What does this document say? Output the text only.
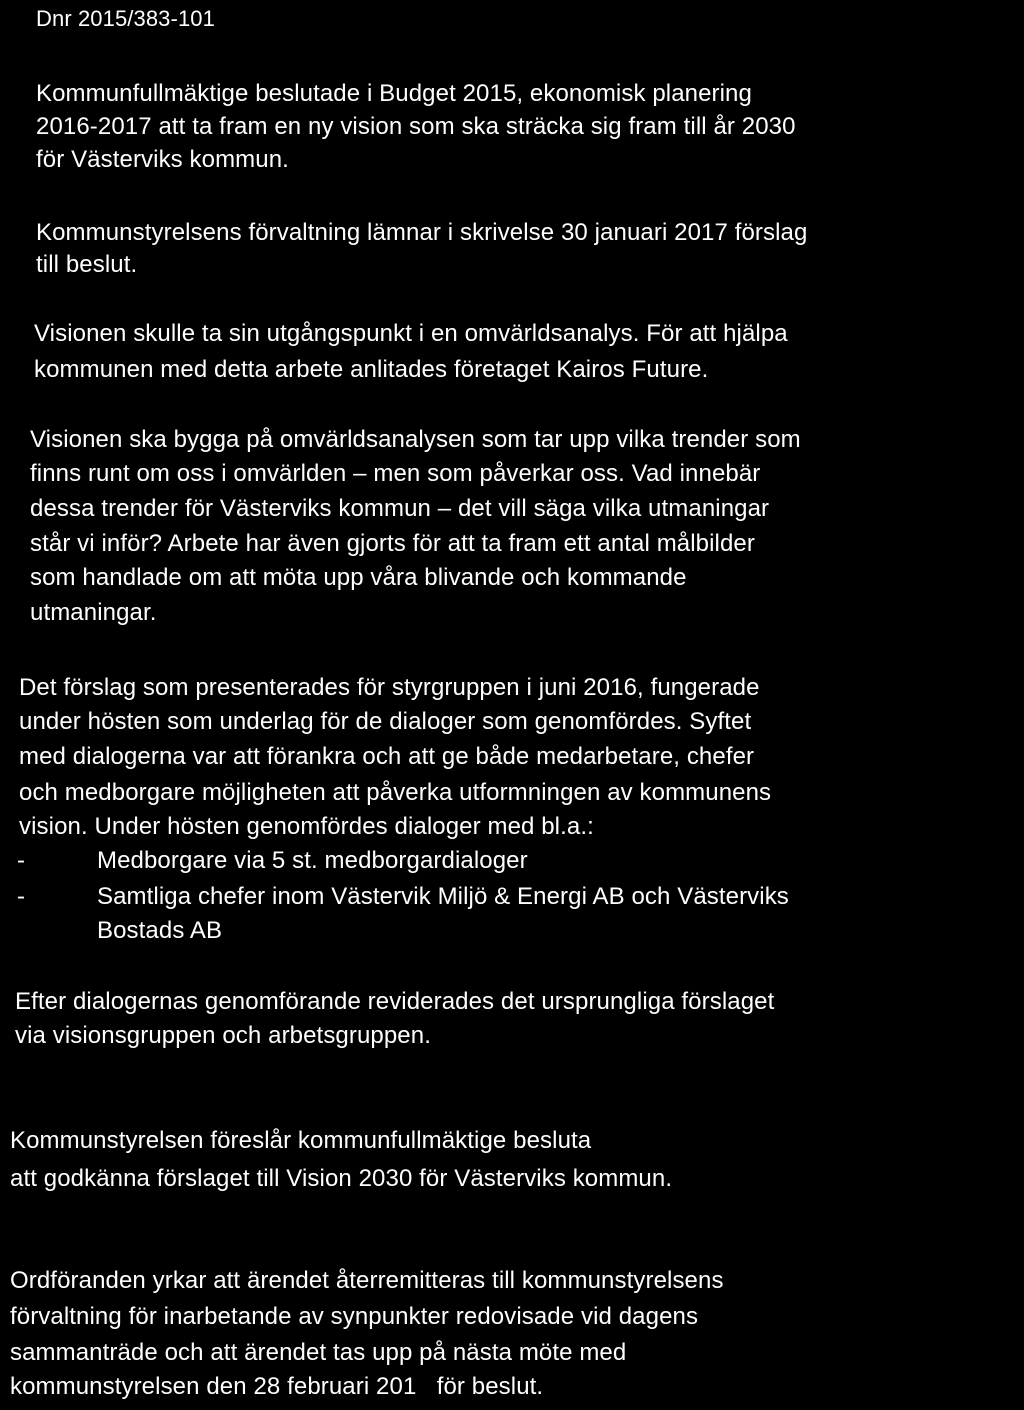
Dnr 2015/383-101
Kommunfullmäktige beslutade i Budget 2015, ekonomisk planering
2016-2017 att ta fram en ny vision som ska sträcka sig fram till år 2030
för Västerviks kommun.
Kommunstyrelsens förvaltning lämnar i skrivelse 30 januari 2017 förslag
till beslut.
Visionen skulle ta sin utgångspunkt i en omvärldsanalys. För att hjälpa
kommunen med detta arbete anlitades företaget Kairos Future.
Visionen ska bygga på omvärldsanalysen som tar upp vilka trender som
finns runt om oss i omvärlden – men som påverkar oss. Vad innebär
dessa trender för Västerviks kommun – det vill säga vilka utmaningar
står vi inför? Arbete har även gjorts för att ta fram ett antal målbilder
som handlade om att möta upp våra blivande och kommande
utmaningar.
Det förslag som presenterades för styrgruppen i juni 2016, fungerade
under hösten som underlag för de dialoger som genomfördes. Syftet
med dialogerna var att förankra och att ge både medarbetare, chefer
och medborgare möjligheten att påverka utformningen av kommunens
vision. Under hösten genomfördes dialoger med bl.a.:
-	Medborgare via 5 st. medborgardialoger
-	Samtliga chefer inom Västervik Miljö & Energi AB och Västerviks
Bostads AB
Efter dialogernas genomförande reviderades det ursprungliga förslaget
via visionsgruppen och arbetsgruppen.
Kommunstyrelsen föreslår kommunfullmäktige besluta
att godkänna förslaget till Vision 2030 för Västerviks kommun.
Ordföranden yrkar att ärendet återremitteras till kommunstyrelsens
förvaltning för inarbetande av synpunkter redovisade vid dagens
sammanträde och att ärendet tas upp på nästa möte med
kommunstyrelsen den 28 februari 201   för beslut.
